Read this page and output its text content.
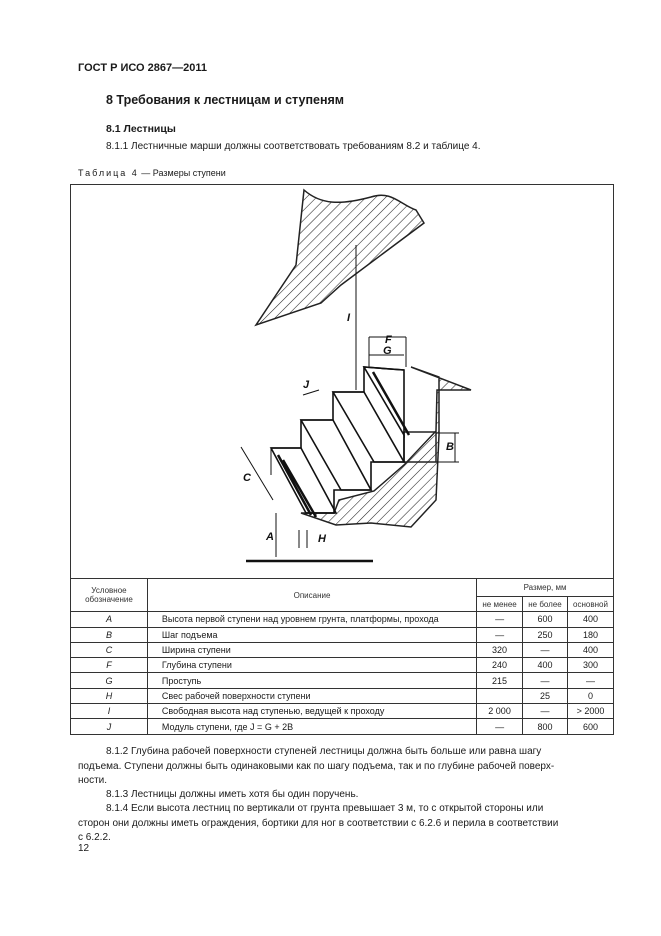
ГОСТ Р ИСО 2867—2011
8 Требования к лестницам и ступеням
8.1 Лестницы
8.1.1 Лестничные марши должны соответствовать требованиям 8.2 и таблице 4.
Таблица 4 — Размеры ступени
F
G
I
J
B
C
A	H
Условное обозначение	Описание	Размер, мм		
		не менее	не более	основной
A	Высота первой ступени над уровнем грунта, платформы, прохода	—	600	400
B	Шаг подъема	—	250	180
C	Ширина ступени	320	—	400
F	Глубина ступени	240	400	300
G	Проступь	215	—	—
H	Свес рабочей поверхности ступени		25	0
I	Свободная высота над ступенью, ведущей к проходу	2 000	—	> 2000
J	Модуль ступени, где J = G + 2B	—	800	600
8.1.2 Глубина рабочей поверхности ступеней лестницы должна быть больше или равна шагу
подъема. Ступени должны быть одинаковыми как по шагу подъема, так и по глубине рабочей поверх-
ности.
8.1.3 Лестницы должны иметь хотя бы один поручень.
8.1.4 Если высота лестниц по вертикали от грунта превышает 3 м, то с открытой стороны или
сторон они должны иметь ограждения, бортики для ног в соответствии с 6.2.6 и перила в соответствии
с 6.2.2.
12
